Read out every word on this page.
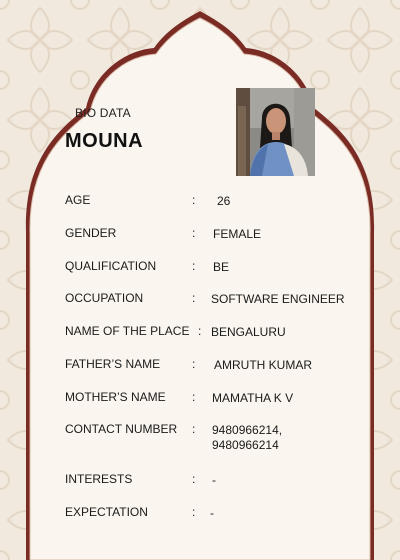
BIO DATA
MOUNA
AGE	: 26
GENDER	: FEMALE
QUALIFICATION	: BE
OCCUPATION	: SOFTWARE ENGINEER
NAME OF THE PLACE : BENGALURU
FATHER’S NAME	: AMRUTH KUMAR
MOTHER’S NAME : MAMATHA K V
CONTACT NUMBER : 9480966214,
9480966214
INTERESTS	: -
EXPECTATION	: -
